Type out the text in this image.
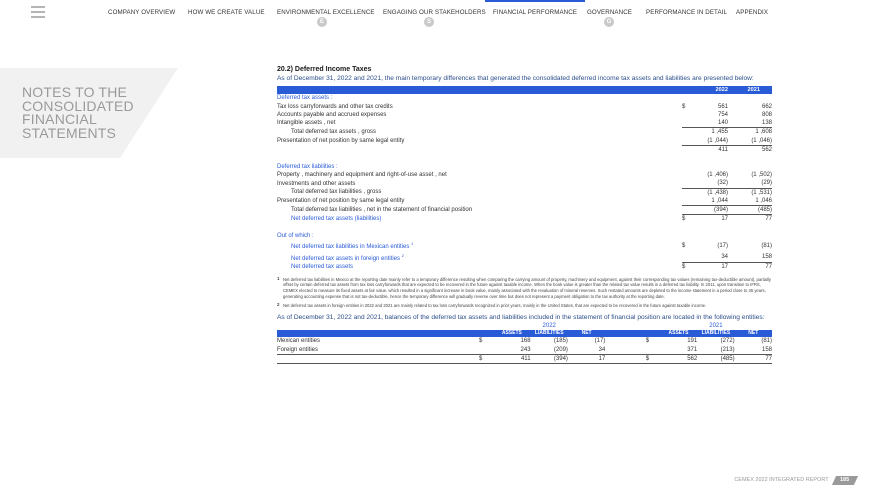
COMPANY OVERVIEW HOW WE CREATE VALUE ENVIRONMENTAL EXCELLENCE ENGAGING OUR STAKEHOLDERS FINANCIAL PERFORMANCE GOVERNANCE PERFORMANCE IN DETAIL APPENDIX
E	S	G
NOTES TO THE
CONSOLIDATED
FINANCIAL
STATEMENTS
20.2) Deferred Income Taxes
As of December 31, 2022 and 2021, the main temporary differences that generated the consolidated deferred income tax assets and liabilities are presented below:
		2022	2021
Deferred tax assets :			
Tax loss carryforwards and other tax credits	$	561	662
Accounts payable and accrued expenses		754	808
Intangible assets , net		140	138
Total deferred tax assets , gross		1 ,455	1 ,608
Presentation of net position by same legal entity		(1 ,044)	(1 ,046)
		411	562

Deferred tax liabilities :			
Property , machinery and equipment and right-of-use asset , net		(1 ,406)	(1 ,502)
Investments and other assets		(32)	(29)
Total deferred tax liabilities , gross		(1 ,438)	(1 ,531)
Presentation of net position by same legal entity		1 ,044	1 ,046
Total deferred tax liabilities , net in the statement of financial position		(394)	(485)
Net deferred tax assets (liabilities)	$	17	77

Out of which :			
Net deferred tax liabilities in Mexican entities $^1$	$	(17)	(81)
Net deferred tax assets in foreign entities $^2$		34	158
Net deferred tax assets	$	17	77
1 Net deferred tax liabilities in Mexico at the reporting date mainly refer to a temporary difference resulting when comparing the carrying amount of property, machinery and equipment, against their corresponding tax values (remaining tax-deductible amount), partially offset by certain deferred tax assets from tax loss carryforwards that are expected to be recovered in the future against taxable income. When the book value is greater than the related tax value results in a deferred tax liability. In 2011, upon transition to IFRS, CEMEX elected to measure its fixed assets at fair value, which resulted in a significant increase in book value, mainly associated with the revaluation of mineral reserves. Such restated amounts are depleted to the income statement in a period close to 35 years, generating accounting expense that is not tax-deductible, hence the temporary difference will gradually reverse over time but does not represent a payment obligation to the tax authority at the reporting date.
2 Net deferred tax assets in foreign entities in 2022 and 2021 are mainly related to tax loss carryforwards recognized in prior years, mainly in the United States, that are expected to be recovered in the future against taxable income.
As of December 31, 2022 and 2021, balances of the deferred tax assets and liabilities included in the statement of financial position are located in the following entities:
		2022					2021		
		ASSETS	LIABILITIES	NET			ASSETS	LIABILITIES	NET
Mexican entities	$	168	(185)	(17)		$	191	(272)	(81)
Foreign entities		243	(209)	34			371	(213)	158
	$	411	(394)	17		$	562	(485)	77
CEMEX 2022 INTEGRATED REPORT 185
